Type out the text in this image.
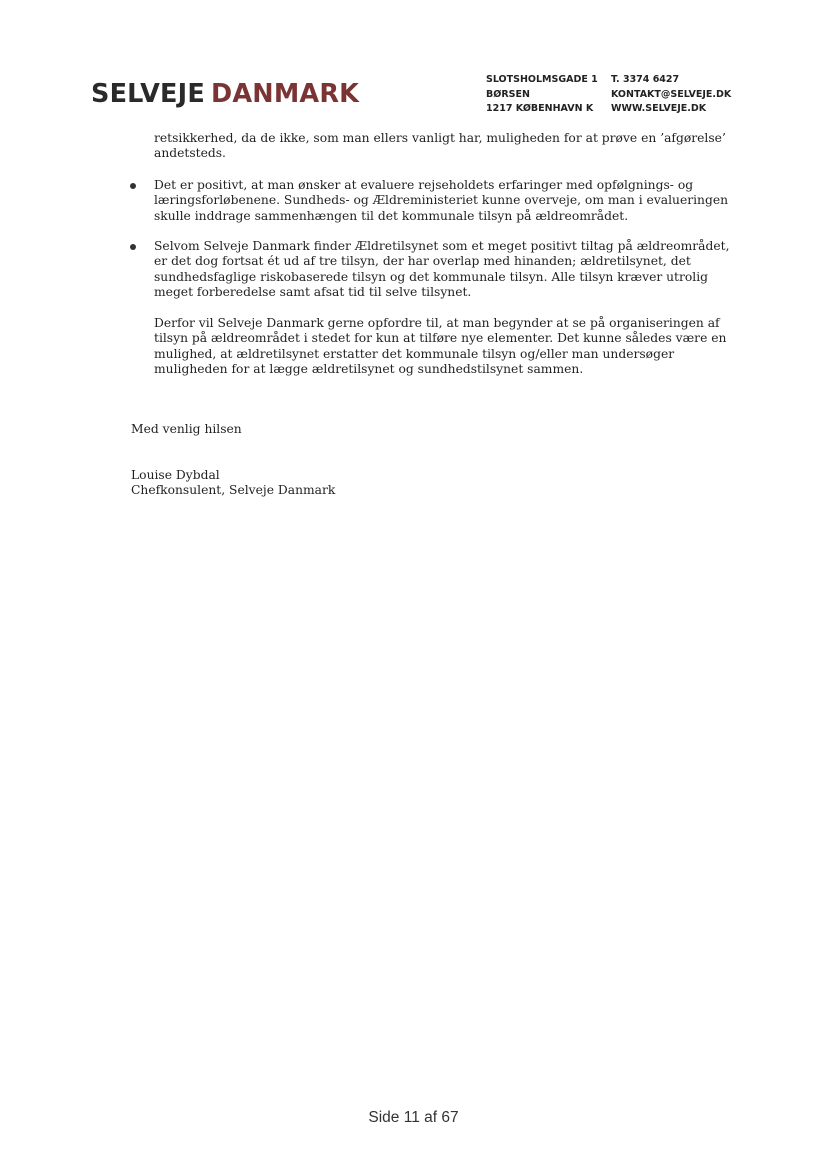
SELVEJE DANMARK	SLOTSHOLMSGADE 1
BØRSEN
1217 KØBENHAVN K
T. 3374 6427
KONTAKT@SELVEJE.DK
WWW.SELVEJE.DK
retsikkerhed, da de ikke, som man ellers vanligt har, muligheden for at prøve en ’afgørelse’ andetsteds.
Det er positivt, at man ønsker at evaluere rejseholdets erfaringer med opfølgnings- og læringsforløbenene. Sundheds- og Ældreministeriet kunne overveje, om man i evalueringen skulle inddrage sammenhængen til det kommunale tilsyn på ældreområdet.
Selvom Selveje Danmark finder Ældretilsynet som et meget positivt tiltag på ældreområdet, er det dog fortsat ét ud af tre tilsyn, der har overlap med hinanden; ældretilsynet, det sundhedsfaglige riskobaserede tilsyn og det kommunale tilsyn. Alle tilsyn kræver utrolig meget forberedelse samt afsat tid til selve tilsynet.
Derfor vil Selveje Danmark gerne opfordre til, at man begynder at se på organiseringen af tilsyn på ældreområdet i stedet for kun at tilføre nye elementer. Det kunne således være en mulighed, at ældretilsynet erstatter det kommunale tilsyn og/eller man undersøger muligheden for at lægge ældretilsynet og sundhedstilsynet sammen.
Med venlig hilsen
Louise Dybdal
Chefkonsulent, Selveje Danmark
Side 11 af 67
